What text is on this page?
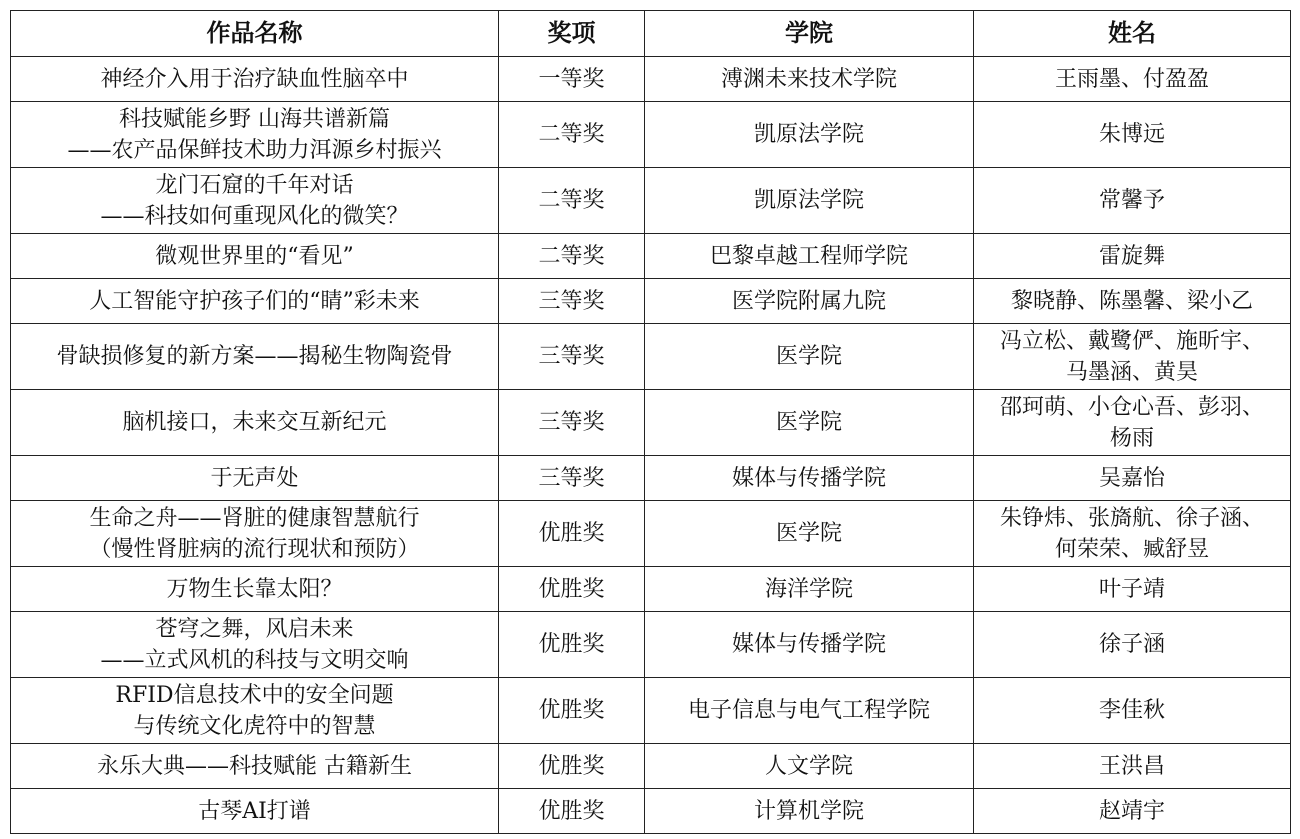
作品名称	奖项	学院	姓名

神经介入用于治疗缺血性脑卒中	一等奖	溥渊未来技术学院	王雨墨、付盈盈

科技赋能乡野 山海共谱新篇
——农产品保鲜技术助力洱源乡村振兴	二等奖	凯原法学院	朱博远

龙门石窟的千年对话
——科技如何重现风化的微笑？	二等奖	凯原法学院	常馨予

微观世界里的“看见”	二等奖	巴黎卓越工程师学院	雷旋舞

人工智能守护孩子们的“睛”彩未来	三等奖	医学院附属九院	黎晓静、陈墨馨、梁小乙

骨缺损修复的新方案——揭秘生物陶瓷骨	三等奖	医学院	冯立松、戴鹭俨、施昕宇、
马墨涵、黄昊

脑机接口，未来交互新纪元	三等奖	医学院	邵珂萌、小仓心吾、彭羽、
杨雨

于无声处	三等奖	媒体与传播学院	吴嘉怡

生命之舟——肾脏的健康智慧航行
（慢性肾脏病的流行现状和预防）	优胜奖	医学院	朱铮炜、张旖航、徐子涵、
何荣荣、臧舒昱

万物生长靠太阳？	优胜奖	海洋学院	叶子靖

苍穹之舞，风启未来
——立式风机的科技与文明交响	优胜奖	媒体与传播学院	徐子涵

RFID信息技术中的安全问题
与传统文化虎符中的智慧	优胜奖	电子信息与电气工程学院	李佳秋

永乐大典——科技赋能 古籍新生	优胜奖	人文学院	王洪昌

古琴AI打谱	优胜奖	计算机学院	赵靖宇
